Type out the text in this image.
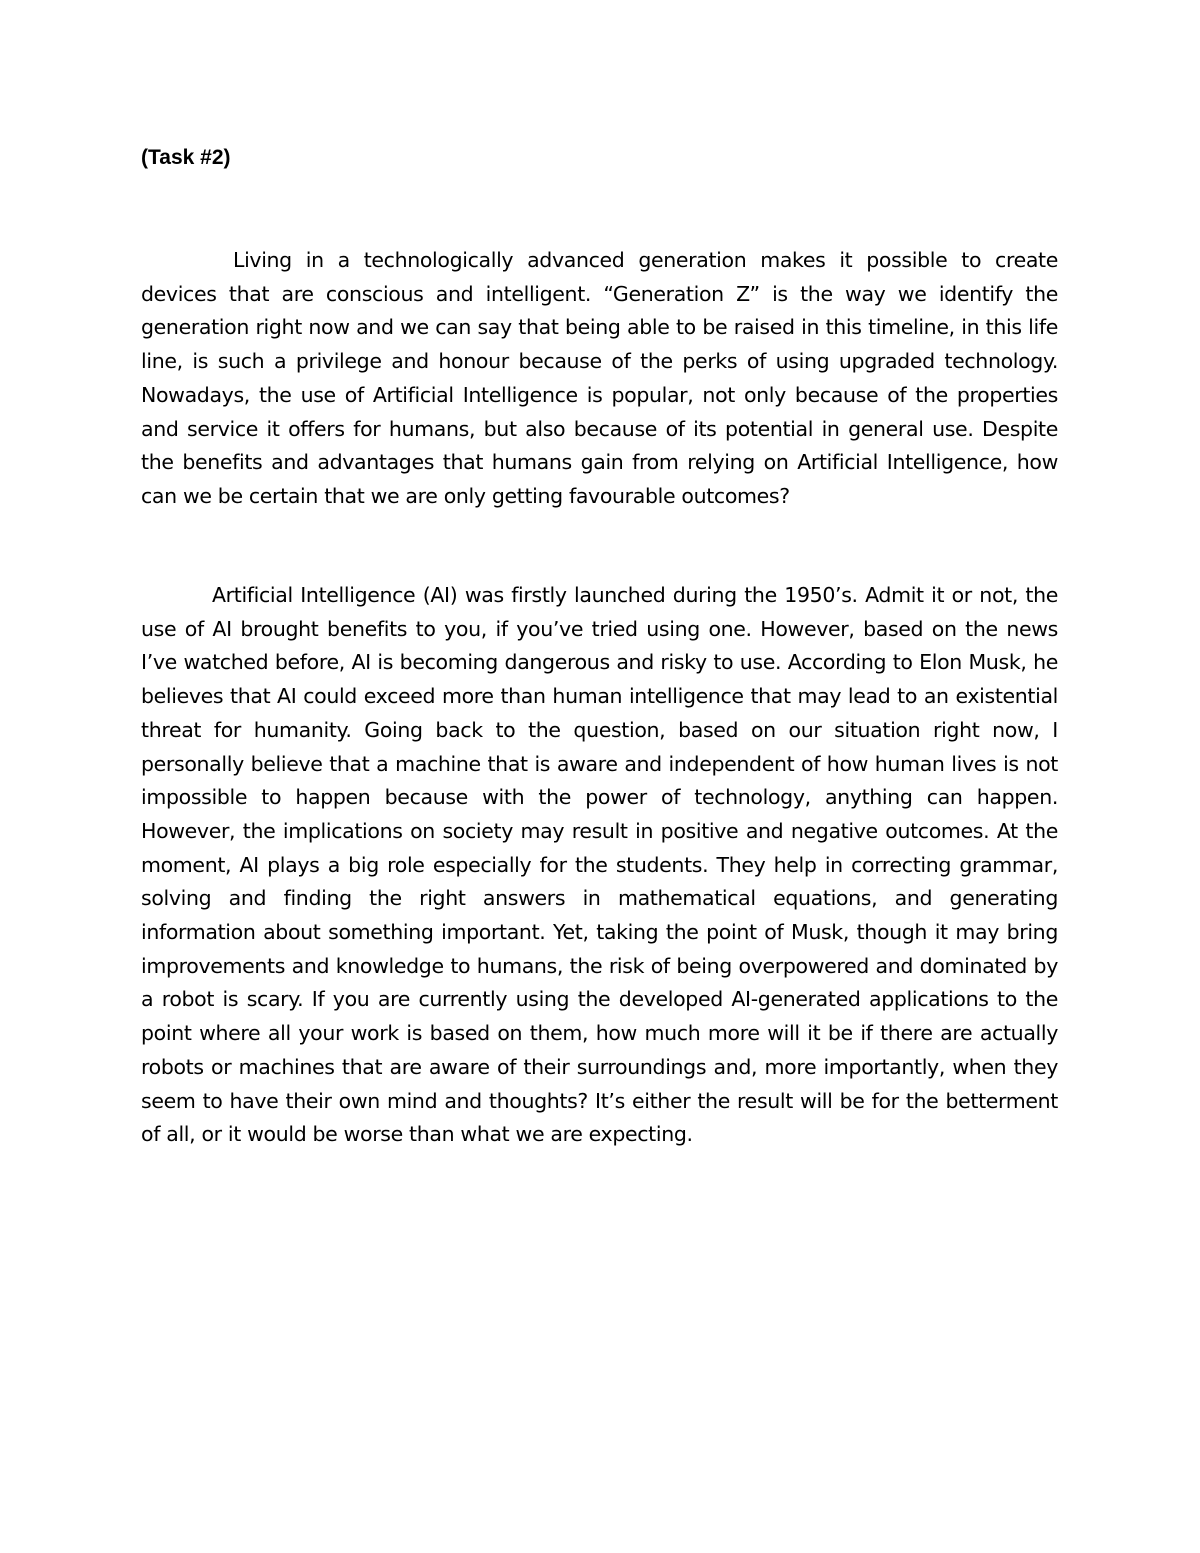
(Task #2)

Living in a technologically advanced generation makes it possible to create devices that are conscious and intelligent. “Generation Z” is the way we identify the generation right now and we can say that being able to be raised in this timeline, in this life line, is such a privilege and honour because of the perks of using upgraded technology. Nowadays, the use of Artificial Intelligence is popular, not only because of the properties and service it offers for humans, but also because of its potential in general use. Despite the benefits and advantages that humans gain from relying on Artificial Intelligence, how can we be certain that we are only getting favourable outcomes?

Artificial Intelligence (AI) was firstly launched during the 1950’s. Admit it or not, the use of AI brought benefits to you, if you’ve tried using one. However, based on the news I’ve watched before, AI is becoming dangerous and risky to use. According to Elon Musk, he believes that AI could exceed more than human intelligence that may lead to an existential threat for humanity. Going back to the question, based on our situation right now, I personally believe that a machine that is aware and independent of how human lives is not impossible to happen because with the power of technology, anything can happen. However, the implications on society may result in positive and negative outcomes. At the moment, AI plays a big role especially for the students. They help in correcting grammar, solving and finding the right answers in mathematical equations, and generating information about something important. Yet, taking the point of Musk, though it may bring improvements and knowledge to humans, the risk of being overpowered and dominated by a robot is scary. If you are currently using the developed AI-generated applications to the point where all your work is based on them, how much more will it be if there are actually robots or machines that are aware of their surroundings and, more importantly, when they seem to have their own mind and thoughts? It’s either the result will be for the betterment of all, or it would be worse than what we are expecting.
